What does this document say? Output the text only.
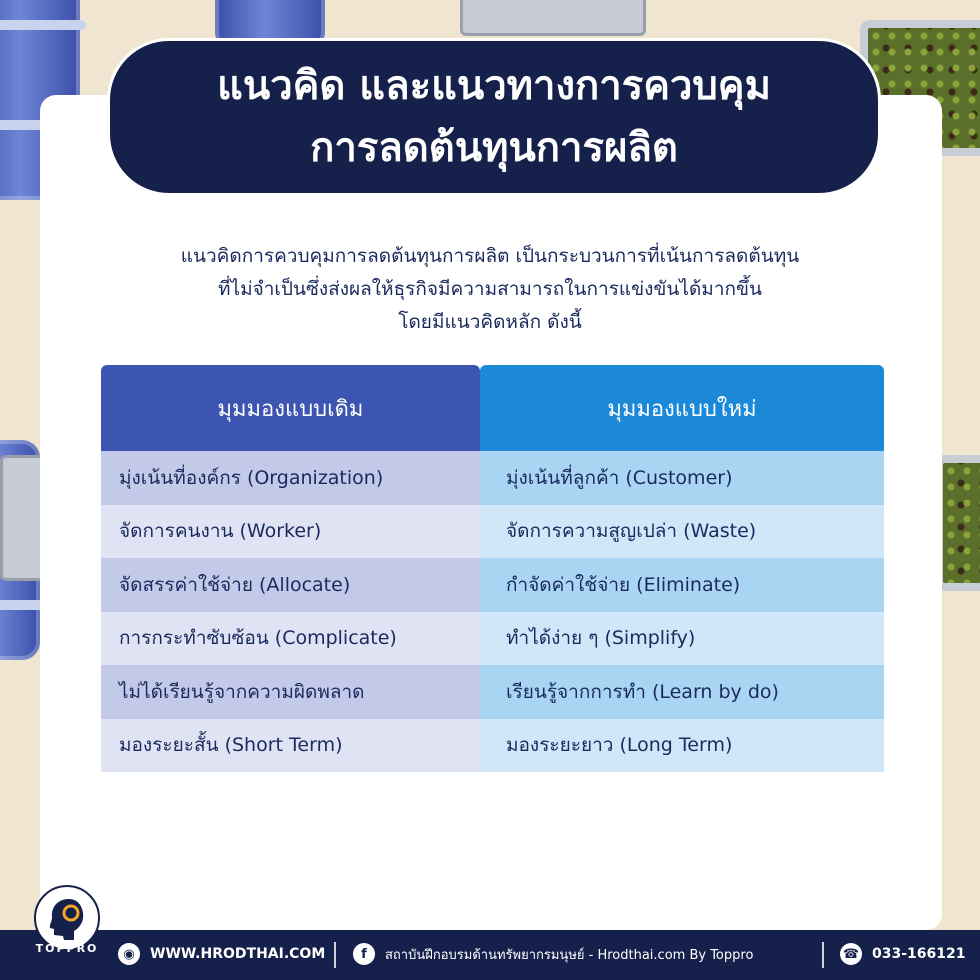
แนวคิด และแนวทางการควบคุม
การลดต้นทุนการผลิต
แนวคิดการควบคุมการลดต้นทุนการผลิต เป็นกระบวนการที่เน้นการลดต้นทุน
ที่ไม่จำเป็นซึ่งส่งผลให้ธุรกิจมีความสามารถในการแข่งขันได้มากขึ้น
โดยมีแนวคิดหลัก ดังนี้
มุมมองแบบเดิม	มุมมองแบบใหม่
มุ่งเน้นที่องค์กร (Organization)	มุ่งเน้นที่ลูกค้า (Customer)
จัดการคนงาน (Worker)	จัดการความสูญเปล่า (Waste)
จัดสรรค่าใช้จ่าย (Allocate)	กำจัดค่าใช้จ่าย (Eliminate)
การกระทำซับซ้อน (Complicate)	ทำได้ง่าย ๆ (Simplify)
ไม่ได้เรียนรู้จากความผิดพลาด	เรียนรู้จากการทำ (Learn by do)
มองระยะสั้น (Short Term)	มองระยะยาว (Long Term)
◉	WWW.HRODTHAI.COM	f	สถาบันฝึกอบรมด้านทรัพยากรมนุษย์ - Hrodthai.com By Toppro	☎ 033-166121
TOPPRO
